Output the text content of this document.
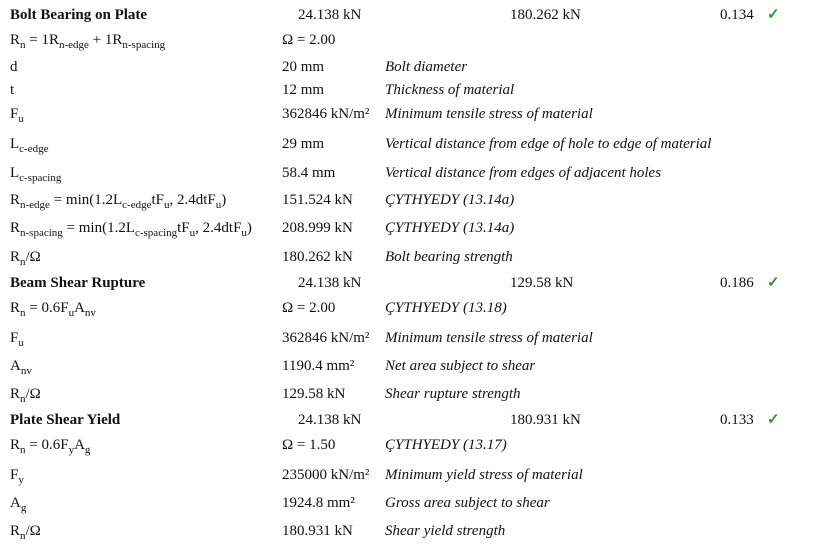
Bolt Bearing on Plate	24.138 kN	180.262 kN	0.134 ✓
$R_n = 1R_{n-edge} + 1R_{n-spacing}$	Ω = 2.00
d	20 mm	Bolt diameter
t	12 mm	Thickness of material
$F_u$	362846 kN/m² Minimum tensile stress of material
$L_{c-edge}$	29 mm	Vertical distance from edge of hole to edge of material
$L_{c-spacing}$	58.4 mm	Vertical distance from edges of adjacent holes
$R_{n-edge} = \min(1.2L_{c-edge}tF_u$, 2.4dtF$_u$)	151.524 kN ÇYTHYEDY (13.14a)
$R_{n-spacing} = \min(1.2L_{c-spacing}tF_u$, 2.4dtF$_u$) 208.999 kN ÇYTHYEDY (13.14a)
$R_n/\Omega$	180.262 kN Bolt bearing strength
Beam Shear Rupture	24.138 kN	129.58 kN	0.186 ✓
$R_n = 0.6F_uA_{nv}$	Ω = 2.00	ÇYTHYEDY (13.18)
$F_u$	362846 kN/m² Minimum tensile stress of material
$A_{nv}$	1190.4 mm² Net area subject to shear
$R_n/\Omega$	129.58 kN	Shear rupture strength
Plate Shear Yield	24.138 kN	180.931 kN	0.133 ✓
$R_n = 0.6F_yA_g$	Ω = 1.50	ÇYTHYEDY (13.17)
$F_y$	235000 kN/m² Minimum yield stress of material
$A_g$	1924.8 mm² Gross area subject to shear
$R_n/\Omega$	180.931 kN Shear yield strength
